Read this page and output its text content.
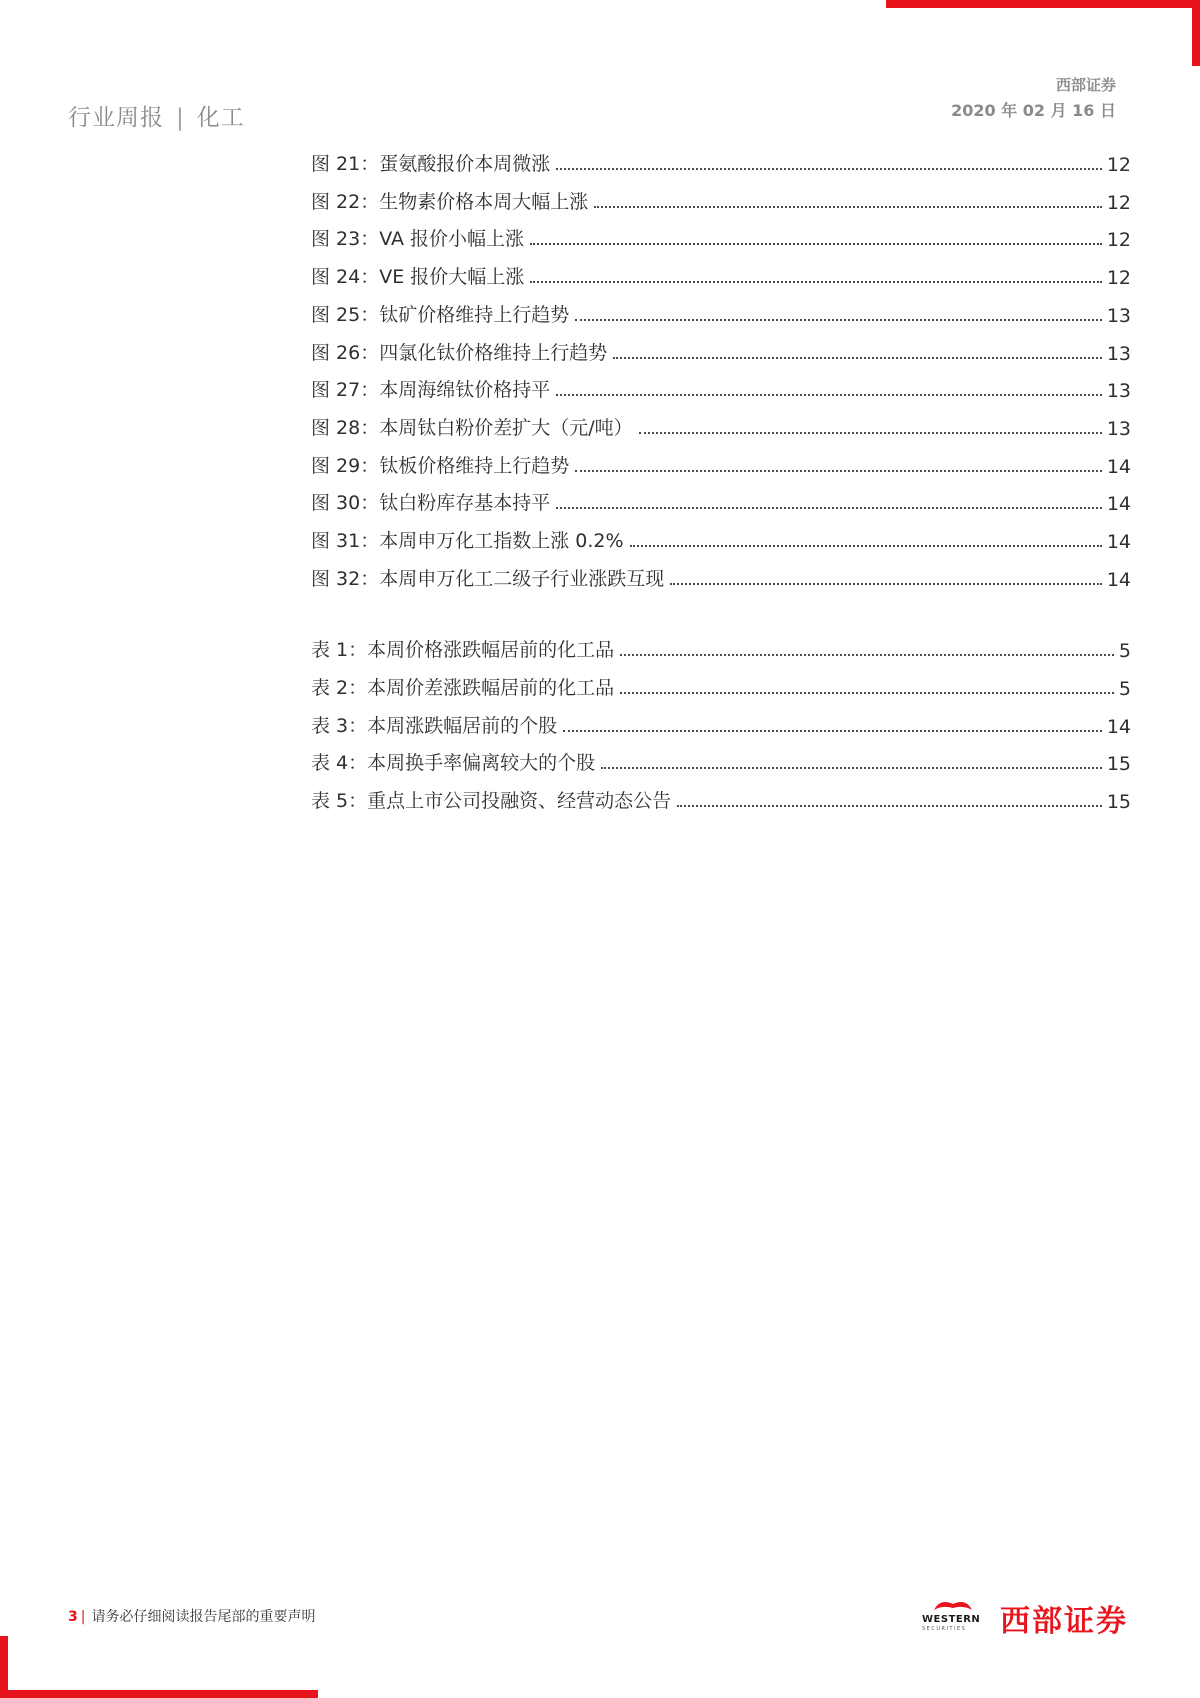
行业周报 | 化工
西部证券
2020 年 02 月 16 日
图 21：蛋氨酸报价本周微涨	12
图 22：生物素价格本周大幅上涨	12
图 23：VA 报价小幅上涨	12
图 24：VE 报价大幅上涨	12
图 25：钛矿价格维持上行趋势	13
图 26：四氯化钛价格维持上行趋势	13
图 27：本周海绵钛价格持平	13
图 28：本周钛白粉价差扩大（元/吨）	13
图 29：钛板价格维持上行趋势	14
图 30：钛白粉库存基本持平	14
图 31：本周申万化工指数上涨 0.2%	14
图 32：本周申万化工二级子行业涨跌互现	14
表 1：本周价格涨跌幅居前的化工品	5
表 2：本周价差涨跌幅居前的化工品	5
表 3：本周涨跌幅居前的个股	14
表 4：本周换手率偏离较大的个股	15
表 5：重点上市公司投融资、经营动态公告	15
3 | 请务必仔细阅读报告尾部的重要声明	WESTERN
SECURITIES 西部证券
